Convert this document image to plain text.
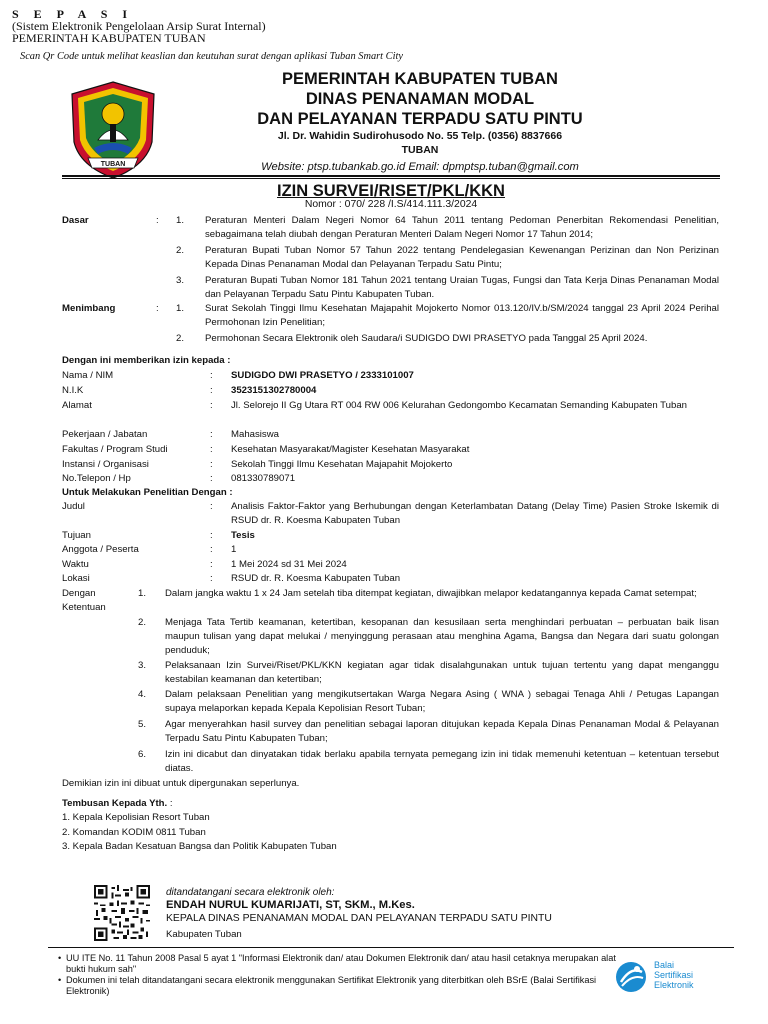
S E P A S I
(Sistem Elektronik Pengelolaan Arsip Surat Internal)
PEMERINTAH KABUPATEN TUBAN
Scan Qr Code untuk melihat keaslian dan keutuhan surat dengan aplikasi Tuban Smart City
TUBAN
PEMERINTAH KABUPATEN TUBAN
DINAS PENANAMAN MODAL
DAN PELAYANAN TERPADU SATU PINTU
Jl. Dr. Wahidin Sudirohusodo No. 55 Telp. (0356) 8837666
TUBAN
Website: ptsp.tubankab.go.id Email: dpmptsp.tuban@gmail.com
IZIN SURVEI/RISET/PKL/KKN
Nomor : 070/ 228 /I.S/414.111.3/2024
Dasar	: 1.	Peraturan Menteri Dalam Negeri Nomor 64 Tahun 2011 tentang Pedoman Penerbitan Rekomendasi Penelitian, sebagaimana telah diubah dengan Peraturan Menteri Dalam Negeri Nomor 17 Tahun 2014;
2.	Peraturan Bupati Tuban Nomor 57 Tahun 2022 tentang Pendelegasian Kewenangan Perizinan dan Non Perizinan Kepada Dinas Penanaman Modal dan Pelayanan Terpadu Satu Pintu;
3.	Peraturan Bupati Tuban Nomor 181 Tahun 2021 tentang Uraian Tugas, Fungsi dan Tata Kerja Dinas Penanaman Modal dan Pelayanan Terpadu Satu Pintu Kabupaten Tuban.
Menimbang	: 1.	Surat Sekolah Tinggi Ilmu Kesehatan Majapahit Mojokerto Nomor 013.120/IV.b/SM/2024 tanggal 23 April 2024 Perihal Permohonan Izin Penelitian;
2.	Permohonan Secara Elektronik oleh Saudara/i SUDIGDO DWI PRASETYO pada Tanggal 25 April 2024.
Dengan ini memberikan izin kepada :
Nama / NIM	: SUDIGDO DWI PRASETYO / 2333101007
N.I.K	: 3523151302780004
Alamat	: Jl. Selorejo II Gg Utara RT 004 RW 006 Kelurahan Gedongombo Kecamatan Semanding Kabupaten Tuban
Pekerjaan / Jabatan	: Mahasiswa
Fakultas / Program Studi	: Kesehatan Masyarakat/Magister Kesehatan Masyarakat
Instansi / Organisasi	: Sekolah Tinggi Ilmu Kesehatan Majapahit Mojokerto
No.Telepon / Hp	: 081330789071
Untuk Melakukan Penelitian Dengan :
Judul	: Analisis Faktor-Faktor yang Berhubungan dengan Keterlambatan Datang (Delay Time) Pasien Stroke Iskemik di RSUD dr. R. Koesma Kabupaten Tuban
Tujuan	: Tesis
Anggota / Peserta	: 1
Waktu	: 1 Mei 2024 sd 31 Mei 2024
Lokasi	: RSUD dr. R. Koesma Kabupaten Tuban
Dengan
Ketentuan
1.	Dalam jangka waktu 1 x 24 Jam setelah tiba ditempat kegiatan, diwajibkan melapor kedatangannya kepada Camat setempat;
2.	Menjaga Tata Tertib keamanan, ketertiban, kesopanan dan kesusilaan serta menghindari perbuatan – perbuatan baik lisan maupun tulisan yang dapat melukai / menyinggung perasaan atau menghina Agama, Bangsa dan Negara dari suatu golongan penduduk;
3.	Pelaksanaan Izin Survei/Riset/PKL/KKN kegiatan agar tidak disalahgunakan untuk tujuan tertentu yang dapat menganggu kestabilan keamanan dan ketertiban;
4.	Dalam pelaksaan Penelitian yang mengikutsertakan Warga Negara Asing ( WNA ) sebagai Tenaga Ahli / Petugas Lapangan supaya melaporkan kepada Kepala Kepolisian Resort Tuban;
5.	Agar menyerahkan hasil survey dan penelitian sebagai laporan ditujukan kepada Kepala Dinas Penanaman Modal & Pelayanan Terpadu Satu Pintu Kabupaten Tuban;
6.	Izin ini dicabut dan dinyatakan tidak berlaku apabila ternyata pemegang izin ini tidak memenuhi ketentuan – ketentuan tersebut diatas.
Demikian izin ini dibuat untuk dipergunakan seperlunya.
Tembusan Kepada Yth. :
1. Kepala Kepolisian Resort Tuban
2. Komandan KODIM 0811 Tuban
3. Kepala Badan Kesatuan Bangsa dan Politik Kabupaten Tuban
ditandatangani secara elektronik oleh:
ENDAH NURUL KUMARIJATI, ST, SKM., M.Kes.
KEPALA DINAS PENANAMAN MODAL DAN PELAYANAN TERPADU SATU PINTU
Kabupaten Tuban
• UU ITE No. 11 Tahun 2008 Pasal 5 ayat 1 "Informasi Elektronik dan/ atau Dokumen Elektronik dan/ atau hasil cetaknya merupakan alat bukti hukum sah"
• Dokumen ini telah ditandatangani secara elektronik menggunakan Sertifikat Elektronik yang diterbitkan oleh BSrE (Balai Sertifikasi Elektronik)
Balai
Sertifikasi
Elektronik
